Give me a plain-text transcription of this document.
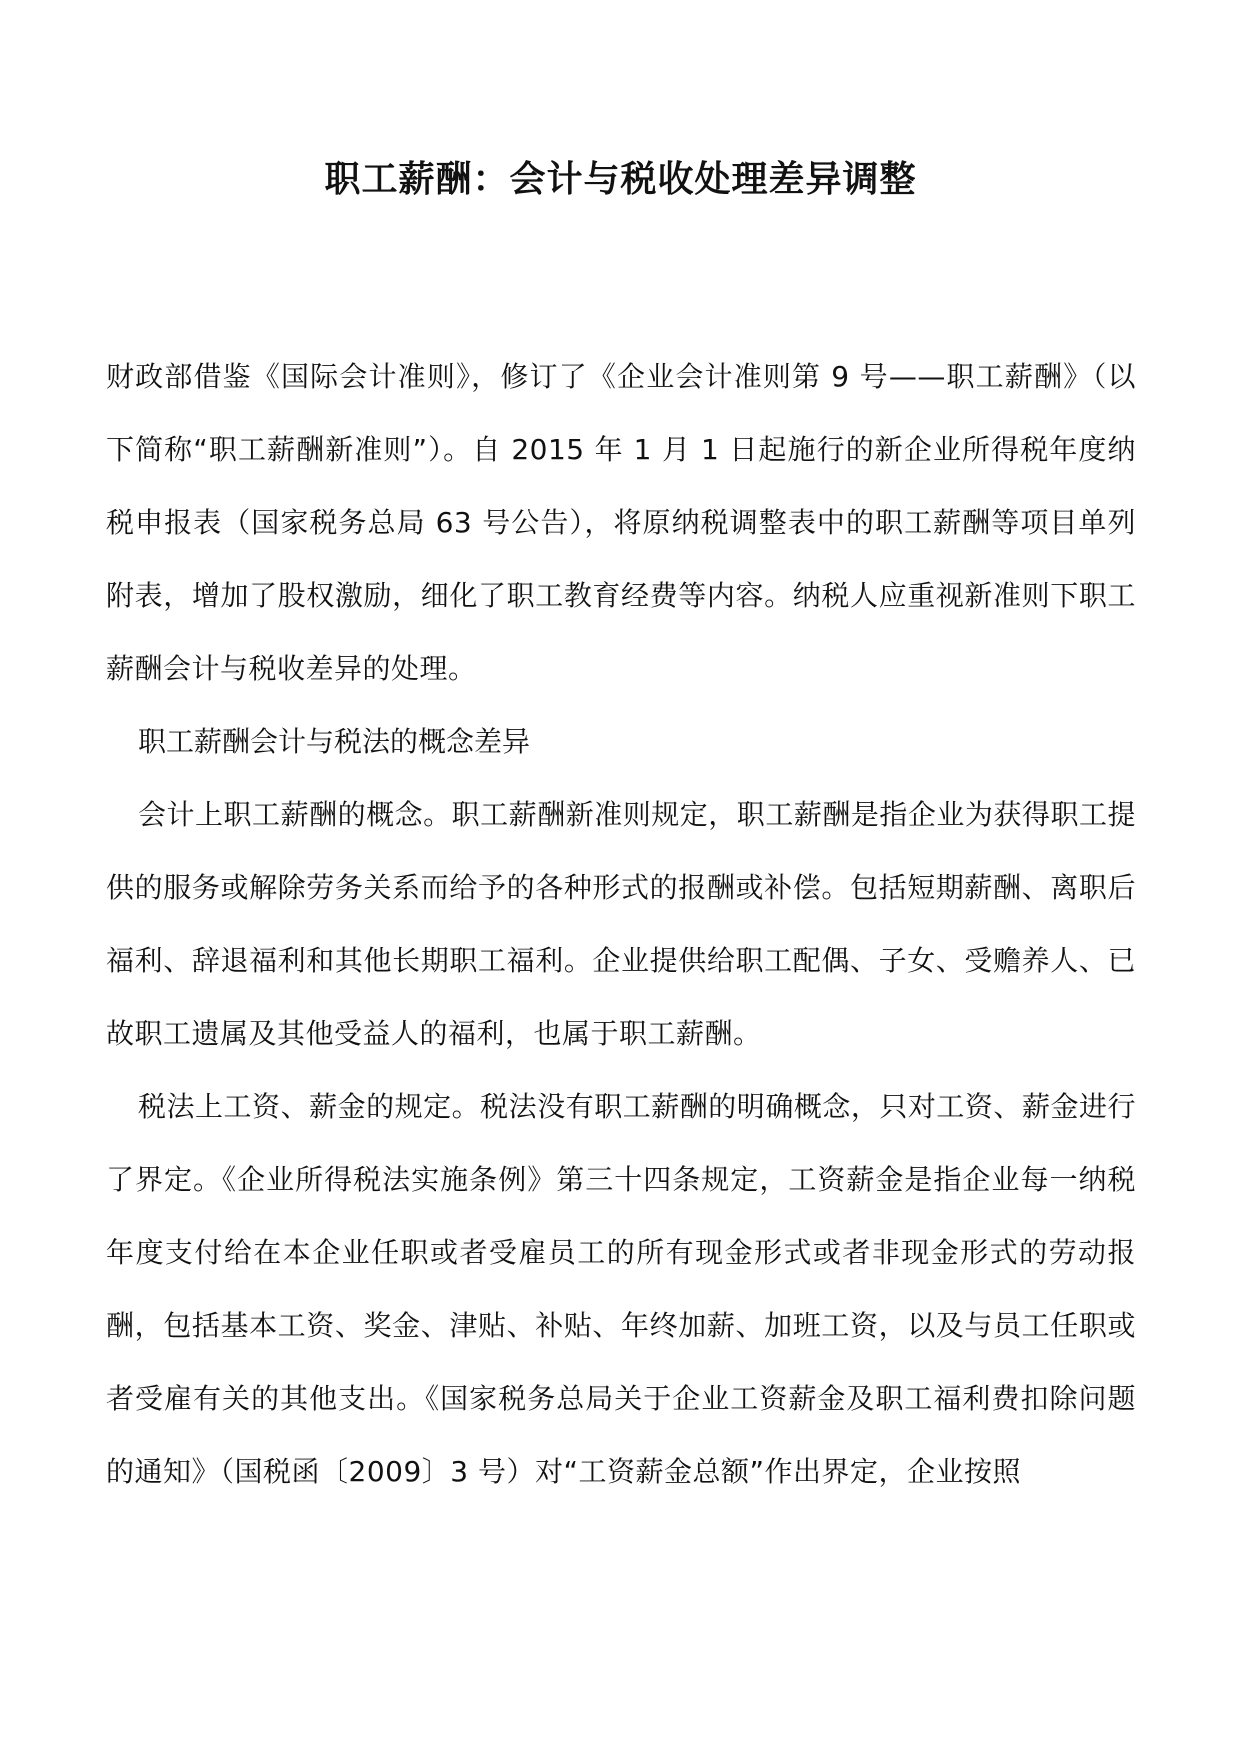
职工薪酬：会计与税收处理差异调整

财政部借鉴《国际会计准则》，修订了《企业会计准则第 9 号——职工薪酬》（以下简称“职工薪酬新准则”）。自 2015 年 1 月 1 日起施行的新企业所得税年度纳税申报表（国家税务总局 63 号公告），将原纳税调整表中的职工薪酬等项目单列附表，增加了股权激励，细化了职工教育经费等内容。纳税人应重视新准则下职工薪酬会计与税收差异的处理。

职工薪酬会计与税法的概念差异

会计上职工薪酬的概念。职工薪酬新准则规定，职工薪酬是指企业为获得职工提供的服务或解除劳务关系而给予的各种形式的报酬或补偿。包括短期薪酬、离职后福利、辞退福利和其他长期职工福利。企业提供给职工配偶、子女、受赡养人、已故职工遗属及其他受益人的福利，也属于职工薪酬。

税法上工资、薪金的规定。税法没有职工薪酬的明确概念，只对工资、薪金进行了界定。《企业所得税法实施条例》第三十四条规定，工资薪金是指企业每一纳税年度支付给在本企业任职或者受雇员工的所有现金形式或者非现金形式的劳动报酬，包括基本工资、奖金、津贴、补贴、年终加薪、加班工资，以及与员工任职或者受雇有关的其他支出。《国家税务总局关于企业工资薪金及职工福利费扣除问题的通知》（国税函〔2009〕3 号）对“工资薪金总额”作出界定，企业按照
